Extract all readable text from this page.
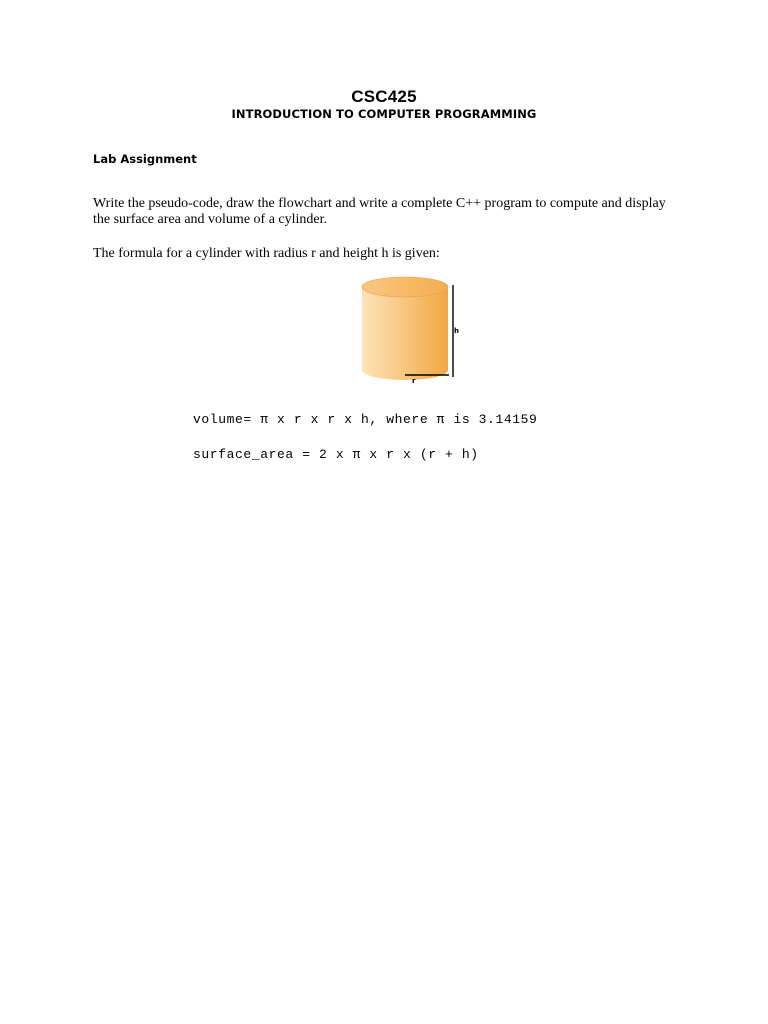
CSC425
INTRODUCTION TO COMPUTER PROGRAMMING
Lab Assignment
Write the pseudo-code, draw the flowchart and write a complete C++ program to compute and display the surface area and volume of a cylinder.
The formula for a cylinder with radius r and height h is given:
h
r
volume= π x r x r x h, where π is 3.14159
surface_area = 2 x π x r x (r + h)
